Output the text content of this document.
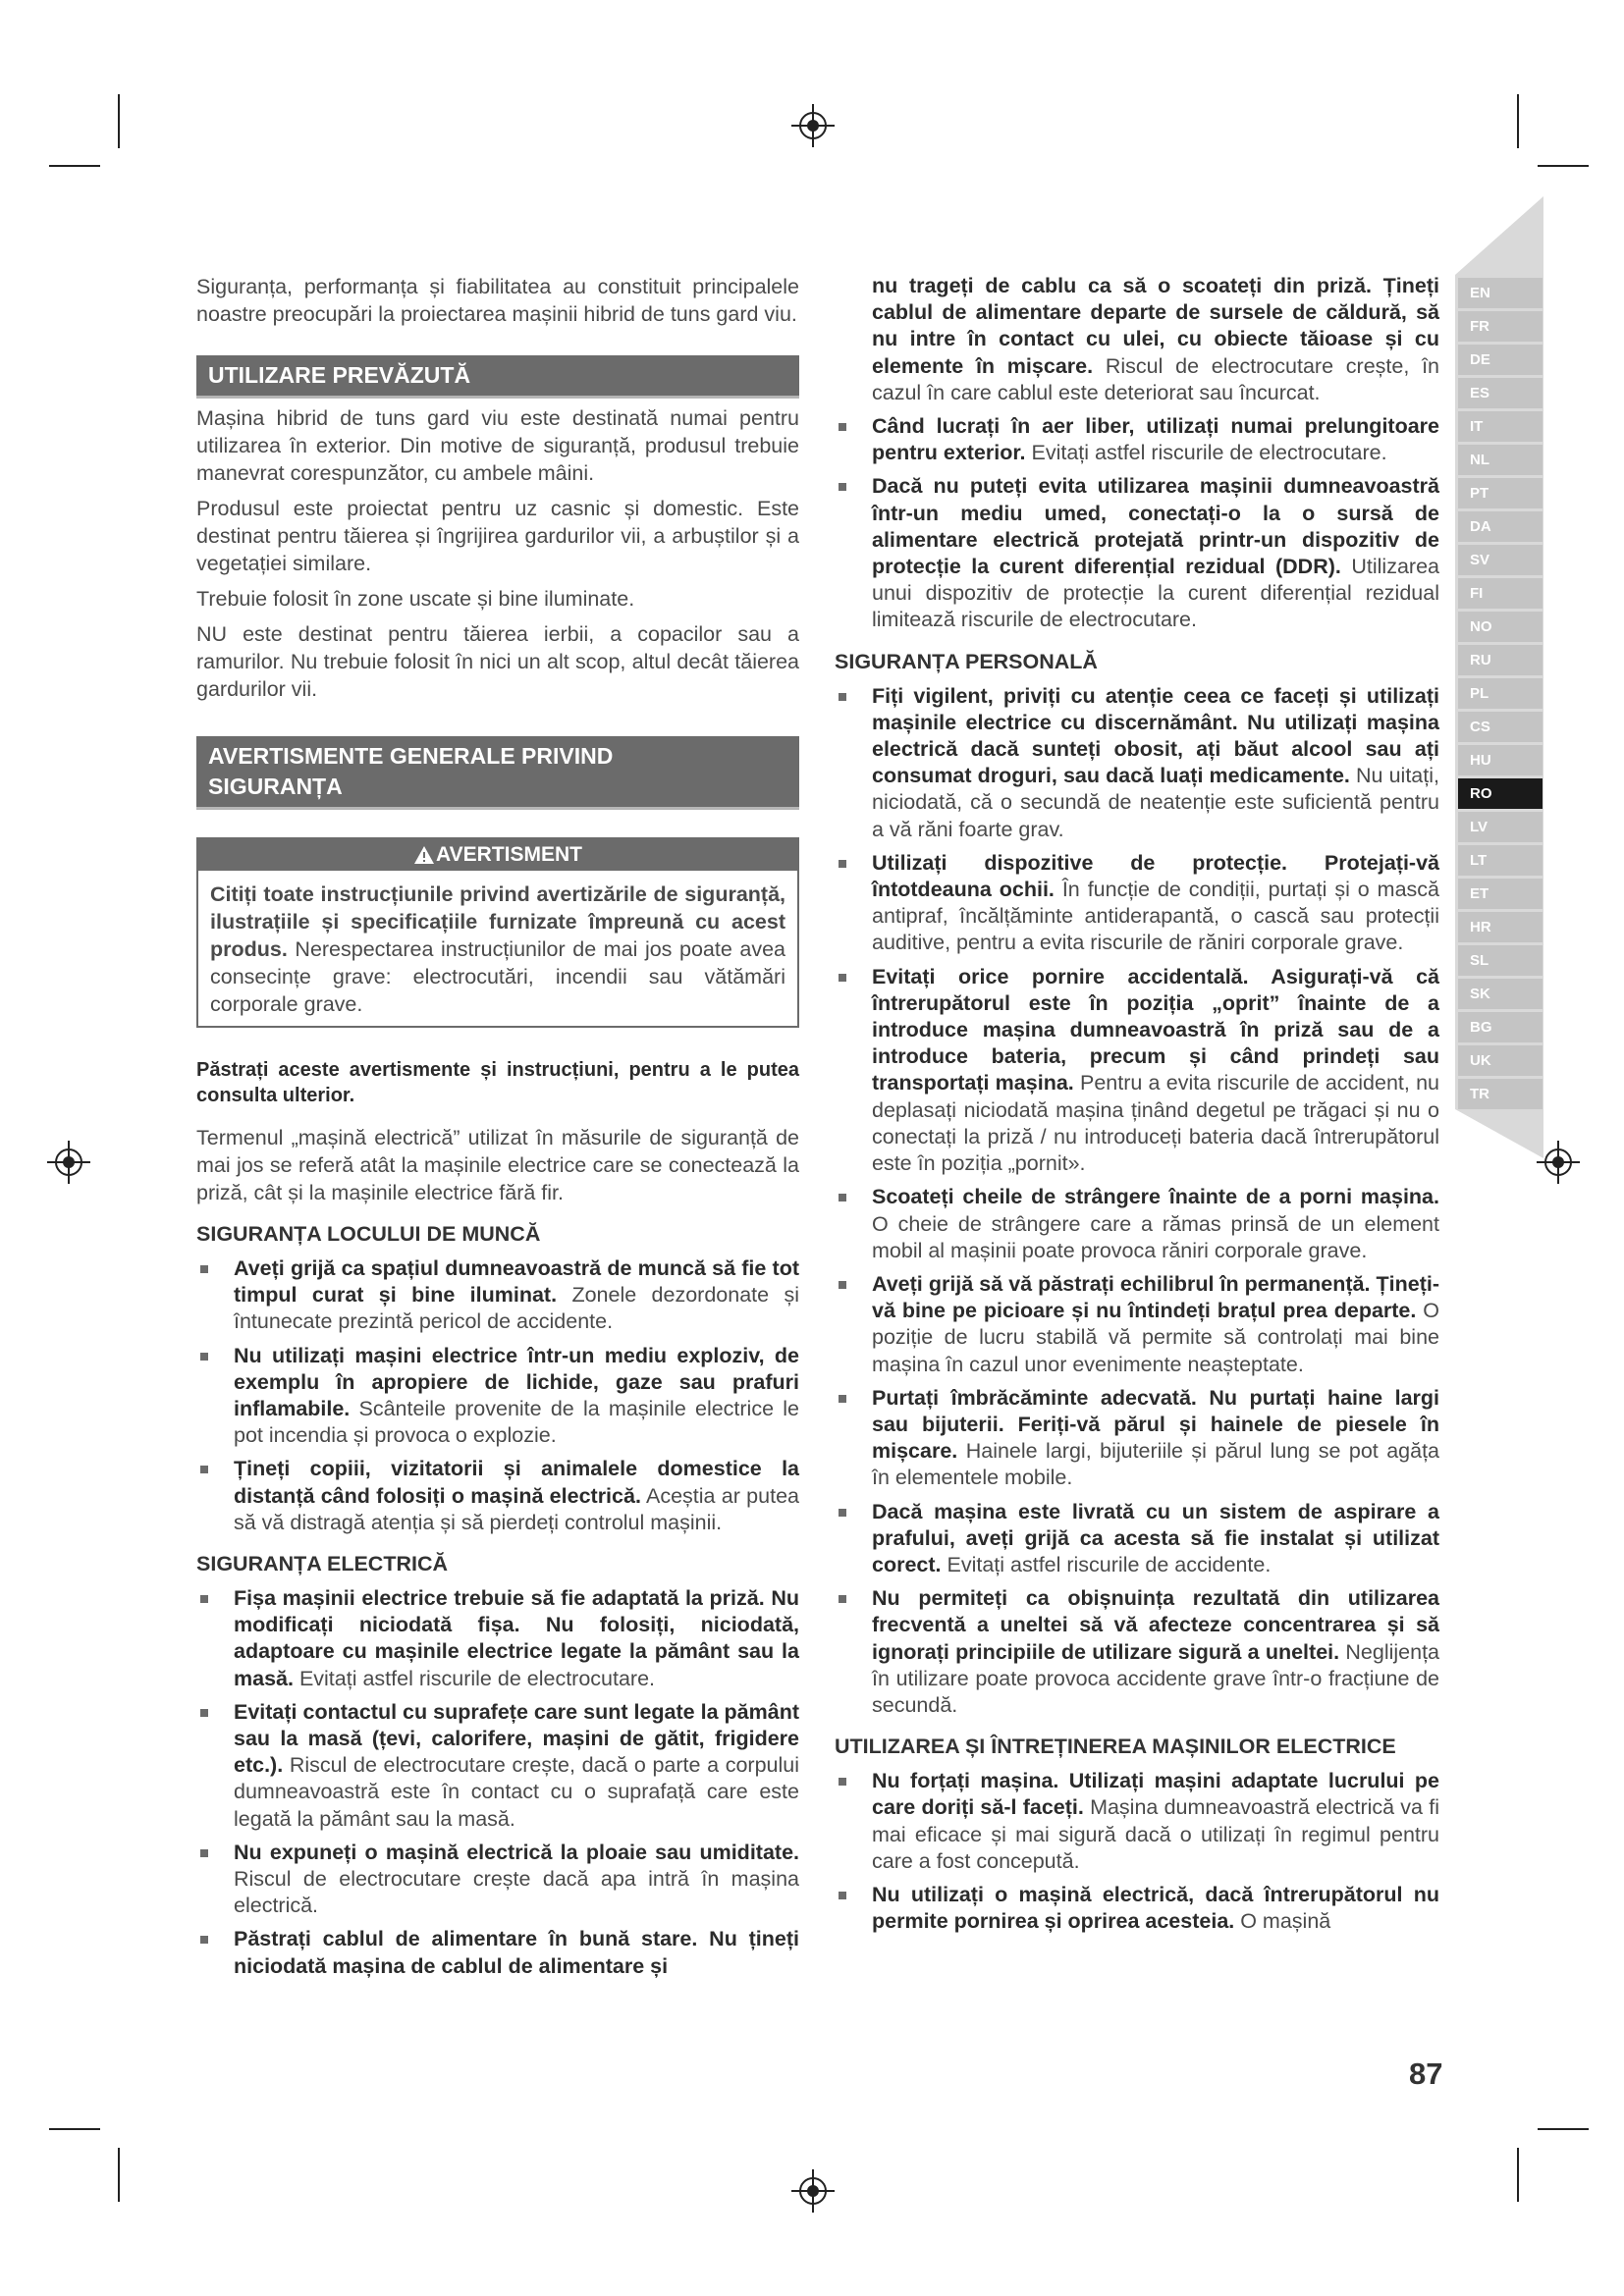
EN
FR
DE
ES
IT
NL
PT
DA
SV
FI
NO
RU
PL
CS
HU
RO
LV
LT
ET
HR
SL
SK
BG
UK
TR

Siguranța, performanța și fiabilitatea au constituit principalele noastre preocupări la proiectarea mașinii hibrid de tuns gard viu.

UTILIZARE PREVĂZUTĂ

Mașina hibrid de tuns gard viu este destinată numai pentru utilizarea în exterior. Din motive de siguranță, produsul trebuie manevrat corespunzător, cu ambele mâini.

Produsul este proiectat pentru uz casnic și domestic. Este destinat pentru tăierea și îngrijirea gardurilor vii, a arbuștilor și a vegetației similare.

Trebuie folosit în zone uscate și bine iluminate.

NU este destinat pentru tăierea ierbii, a copacilor sau a ramurilor. Nu trebuie folosit în nici un alt scop, altul decât tăierea gardurilor vii.

AVERTISMENTE GENERALE PRIVIND
SIGURANȚA
AVERTISMENT
Citiți toate instrucțiunile privind avertizările de siguranță, ilustrațiile și specificațiile furnizate împreună cu acest produs. Nerespectarea instrucțiunilor de mai jos poate avea consecințe grave: electrocutări, incendii sau vătămări corporale grave.

Păstrați aceste avertismente și instrucțiuni, pentru a le putea consulta ulterior.

Termenul „mașină electrică” utilizat în măsurile de siguranță de mai jos se referă atât la mașinile electrice care se conectează la priză, cât și la mașinile electrice fără fir.

SIGURANȚA LOCULUI DE MUNCĂ
Aveți grijă ca spațiul dumneavoastră de muncă să fie tot timpul curat și bine iluminat. Zonele dezordonate și întunecate prezintă pericol de accidente.
Nu utilizați mașini electrice într-un mediu exploziv, de exemplu în apropiere de lichide, gaze sau prafuri inflamabile. Scânteile provenite de la mașinile electrice le pot incendia și provoca o explozie.
Țineți copiii, vizitatorii și animalele domestice la distanță când folosiți o mașină electrică. Aceștia ar putea să vă distragă atenția și să pierdeți controlul mașinii.
SIGURANȚA ELECTRICĂ
Fișa mașinii electrice trebuie să fie adaptată la priză. Nu modificați niciodată fișa. Nu folosiți, niciodată, adaptoare cu mașinile electrice legate la pământ sau la masă. Evitați astfel riscurile de electrocutare.
Evitați contactul cu suprafețe care sunt legate la pământ sau la masă (țevi, calorifere, mașini de gătit, frigidere etc.). Riscul de electrocutare crește, dacă o parte a corpului dumneavoastră este în contact cu o suprafață care este legată la pământ sau la masă.
Nu expuneți o mașină electrică la ploaie sau umiditate. Riscul de electrocutare crește dacă apa intră în mașina electrică.
Păstrați cablul de alimentare în bună stare. Nu țineți niciodată mașina de cablul de alimentare și
nu trageți de cablu ca să o scoateți din priză. Țineți cablul de alimentare departe de sursele de căldură, să nu intre în contact cu ulei, cu obiecte tăioase și cu elemente în mișcare. Riscul de electrocutare crește, în cazul în care cablul este deteriorat sau încurcat.
Când lucrați în aer liber, utilizați numai prelungitoare pentru exterior. Evitați astfel riscurile de electrocutare.
Dacă nu puteți evita utilizarea mașinii dumneavoastră într-un mediu umed, conectați-o la o sursă de alimentare electrică protejată printr-un dispozitiv de protecție la curent diferențial rezidual (DDR). Utilizarea unui dispozitiv de protecție la curent diferențial rezidual limitează riscurile de electrocutare.
SIGURANȚA PERSONALĂ
Fiți vigilent, priviți cu atenție ceea ce faceți și utilizați mașinile electrice cu discernământ. Nu utilizați mașina electrică dacă sunteți obosit, ați băut alcool sau ați consumat droguri, sau dacă luați medicamente. Nu uitați, niciodată, că o secundă de neatenție este suficientă pentru a vă răni foarte grav.
Utilizați dispozitive de protecție. Protejați-vă întotdeauna ochii. În funcție de condiții, purtați și o mască antipraf, încălțăminte antiderapantă, o cască sau protecții auditive, pentru a evita riscurile de răniri corporale grave.
Evitați orice pornire accidentală. Asigurați-vă că întrerupătorul este în poziția „oprit” înainte de a introduce mașina dumneavoastră în priză sau de a introduce bateria, precum și când prindeți sau transportați mașina. Pentru a evita riscurile de accident, nu deplasați niciodată mașina ținând degetul pe trăgaci și nu o conectați la priză / nu introduceți bateria dacă întrerupătorul este în poziția „pornit».
Scoateți cheile de strângere înainte de a porni mașina. O cheie de strângere care a rămas prinsă de un element mobil al mașinii poate provoca răniri corporale grave.
Aveți grijă să vă păstrați echilibrul în permanență. Țineți-vă bine pe picioare și nu întindeți brațul prea departe. O poziție de lucru stabilă vă permite să controlați mai bine mașina în cazul unor evenimente neașteptate.
Purtați îmbrăcăminte adecvată. Nu purtați haine largi sau bijuterii. Feriți-vă părul și hainele de piesele în mișcare. Hainele largi, bijuteriile și părul lung se pot agăța în elementele mobile.
Dacă mașina este livrată cu un sistem de aspirare a prafului, aveți grijă ca acesta să fie instalat și utilizat corect. Evitați astfel riscurile de accidente.
Nu permiteți ca obișnuința rezultată din utilizarea frecventă a uneltei să vă afecteze concentrarea și să ignorați principiile de utilizare sigură a uneltei. Neglijența în utilizare poate provoca accidente grave într-o fracțiune de secundă.
UTILIZAREA ȘI ÎNTREȚINEREA MAȘINILOR ELECTRICE
Nu forțați mașina. Utilizați mașini adaptate lucrului pe care doriți să-l faceți. Mașina dumneavoastră electrică va fi mai eficace și mai sigură dacă o utilizați în regimul pentru care a fost concepută.
Nu utilizați o mașină electrică, dacă întrerupătorul nu permite pornirea și oprirea acesteia. O mașină
87
